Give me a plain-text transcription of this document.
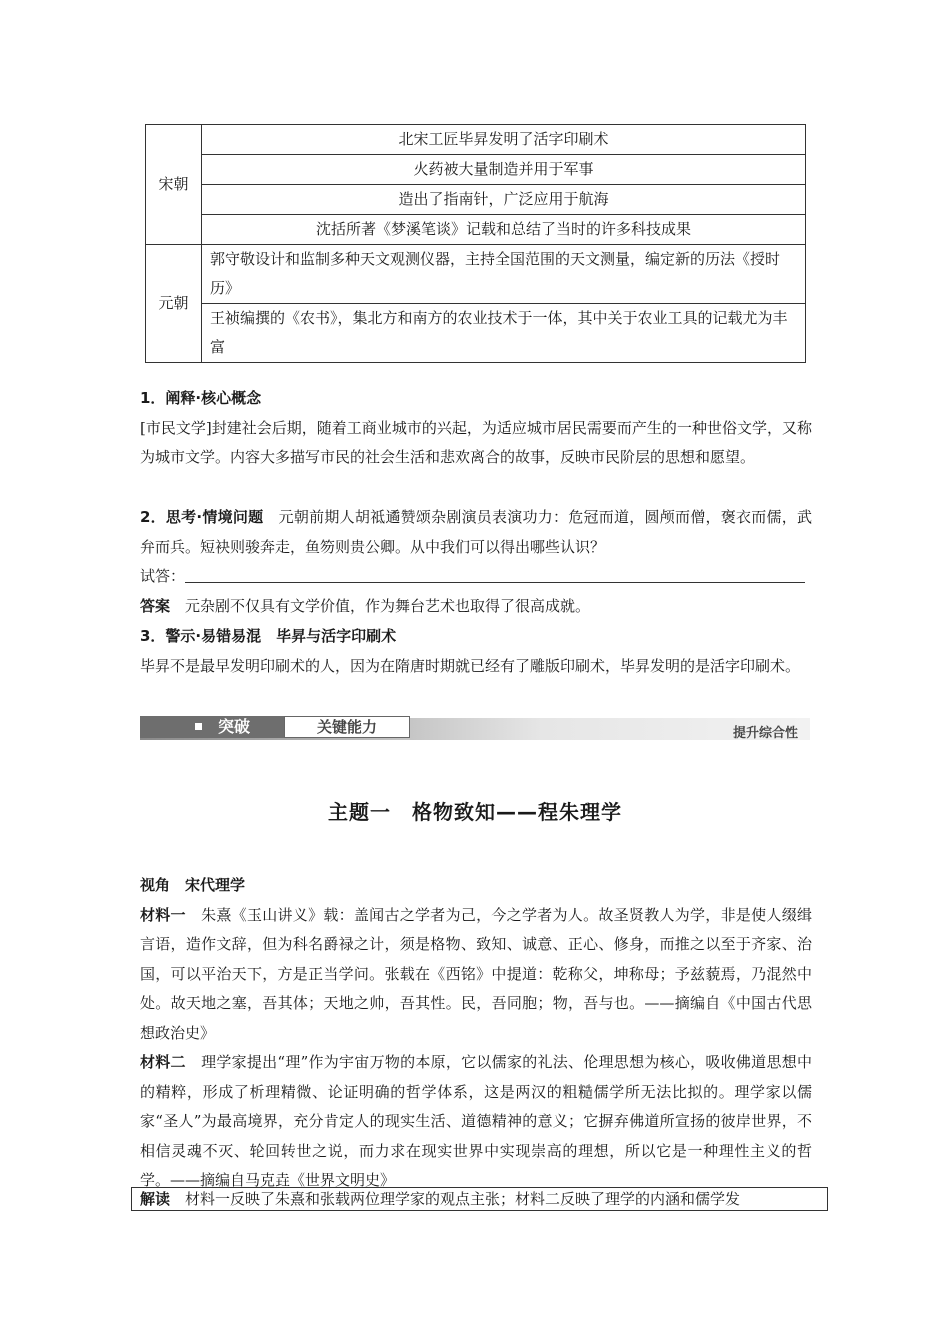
宋朝	北宋工匠毕昇发明了活字印刷术
	火药被大量制造并用于军事
	造出了指南针，广泛应用于航海
	沈括所著《梦溪笔谈》记载和总结了当时的许多科技成果
元朝	郭守敬设计和监制多种天文观测仪器，主持全国范围的天文测量，编定新的历法《授时历》
	王祯编撰的《农书》，集北方和南方的农业技术于一体，其中关于农业工具的记载尤为丰富
1．阐释·核心概念
[市民文学]封建社会后期，随着工商业城市的兴起，为适应城市居民需要而产生的一种世俗文学，又称为城市文学。内容大多描写市民的社会生活和悲欢离合的故事，反映市民阶层的思想和愿望。
2．思考·情境问题　 元朝前期人胡祗遹赞颂杂剧演员表演功力：危冠而道，圆颅而僧，褒衣而儒，武弁而兵。短袂则骏奔走，鱼笏则贵公卿。从中我们可以得出哪些认识？
试答：
答案　 元杂剧不仅具有文学价值，作为舞台艺术也取得了很高成就。
3．警示·易错易混　 毕昇与活字印刷术
毕昇不是最早发明印刷术的人，因为在隋唐时期就已经有了雕版印刷术，毕昇发明的是活字印刷术。
突破	关键能力	提升综合性
主题一　格物致知——程朱理学
视角　 宋代理学
材料一　 朱熹《玉山讲义》载：盖闻古之学者为己，今之学者为人。故圣贤教人为学，非是使人缀缉言语，造作文辞，但为科名爵禄之计，须是格物、致知、诚意、正心、修身，而推之以至于齐家、治国，可以平治天下，方是正当学问。张载在《西铭》中提道：乾称父，坤称母；予兹藐焉，乃混然中处。故天地之塞，吾其体；天地之帅，吾其性。民，吾同胞；物，吾与也。——摘编自《中国古代思想政治史》
材料二　 理学家提出“理”作为宇宙万物的本原，它以儒家的礼法、伦理思想为核心，吸收佛道思想中的精粹，形成了析理精微、论证明确的哲学体系，这是两汉的粗糙儒学所无法比拟的。理学家以儒家“圣人”为最高境界，充分肯定人的现实生活、道德精神的意义；它摒弃佛道所宣扬的彼岸世界，不相信灵魂不灭、轮回转世之说，而力求在现实世界中实现崇高的理想，所以它是一种理性主义的哲学。——摘编自马克垚《世界文明史》
解读　 材料一反映了朱熹和张载两位理学家的观点主张；材料二反映了理学的内涵和儒学发
